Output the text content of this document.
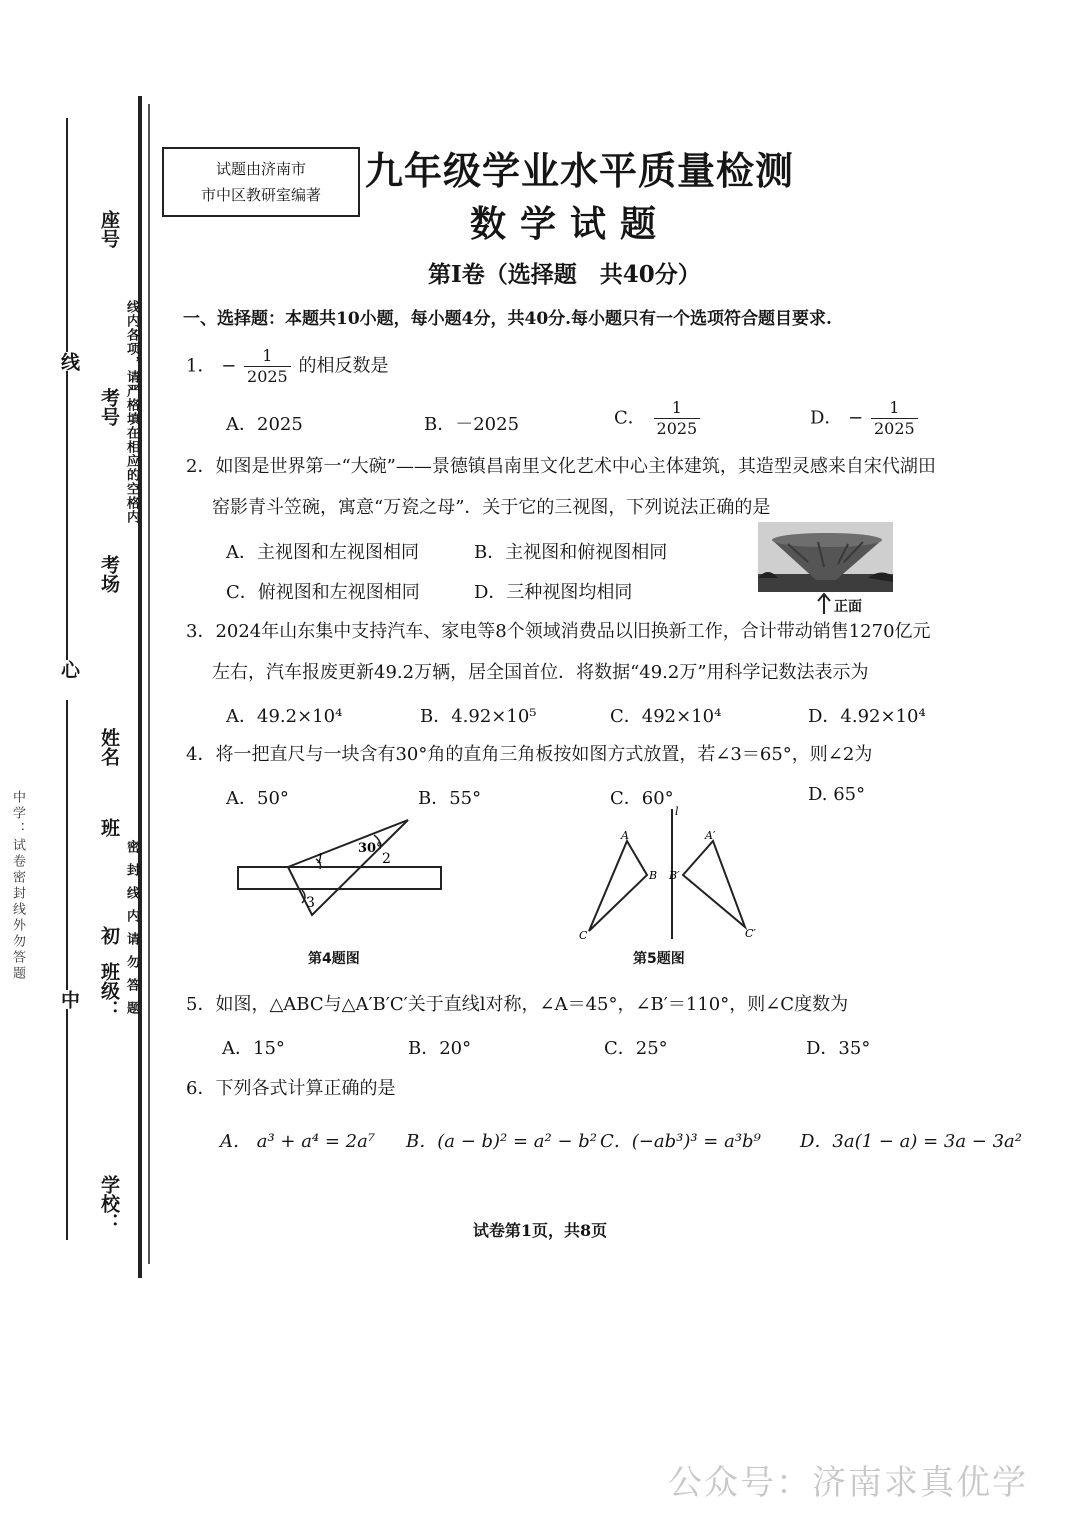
座号
考号
考场
姓名
班
班级：
初
学校：
线
心
中
线内各项，请严格填在相应的空格内
密封线内请勿答题
中学：试卷密封线外勿答题
试题由济南市
市中区教研室编著
九年级学业水平质量检测
数学试题
第Ⅰ卷（选择题　共40分）
一、选择题：本题共10小题，每小题4分，共40分.每小题只有一个选项符合题目要求.
1． − $\frac{1}{2025}$ 的相反数是
A．2025	B．－2025	C． $\frac{1}{2025}$	D． − $\frac{1}{2025}$
2．如图是世界第一“大碗”——景德镇昌南里文化艺术中心主体建筑，其造型灵感来自宋代湖田
窑影青斗笠碗，寓意“万瓷之母”．关于它的三视图，下列说法正确的是
A．主视图和左视图相同	B．主视图和俯视图相同
C．俯视图和左视图相同	D．三种视图均相同
正面
3．2024年山东集中支持汽车、家电等8个领域消费品以旧换新工作，合计带动销售1270亿元
左右，汽车报废更新49.2万辆，居全国首位．将数据“49.2万”用科学记数法表示为
A．49.2×10⁴	B．4.92×10⁵	C．492×10⁴	D．4.92×10⁴
4．将一把直尺与一块含有30°角的直角三角板按如图方式放置，若∠3＝65°，则∠2为
A．50°	B．55°	C．60°	D. 65°
1
30°
2
3
第4题图
l
A
B
C
A′
B′
C′
第5题图
5．如图，△ABC与△A′B′C′关于直线l对称，∠A＝45°，∠B′＝110°，则∠C度数为
A．15°	B．20°	C．25°	D．35°
6．下列各式计算正确的是
A． a³ + a⁴ = 2a⁷ B．(a − b)² = a² − b² C．(−ab³)³ = a³b⁹ D．3a(1 − a) = 3a − 3a²
试卷第1页，共8页
公众号：济南求真优学
